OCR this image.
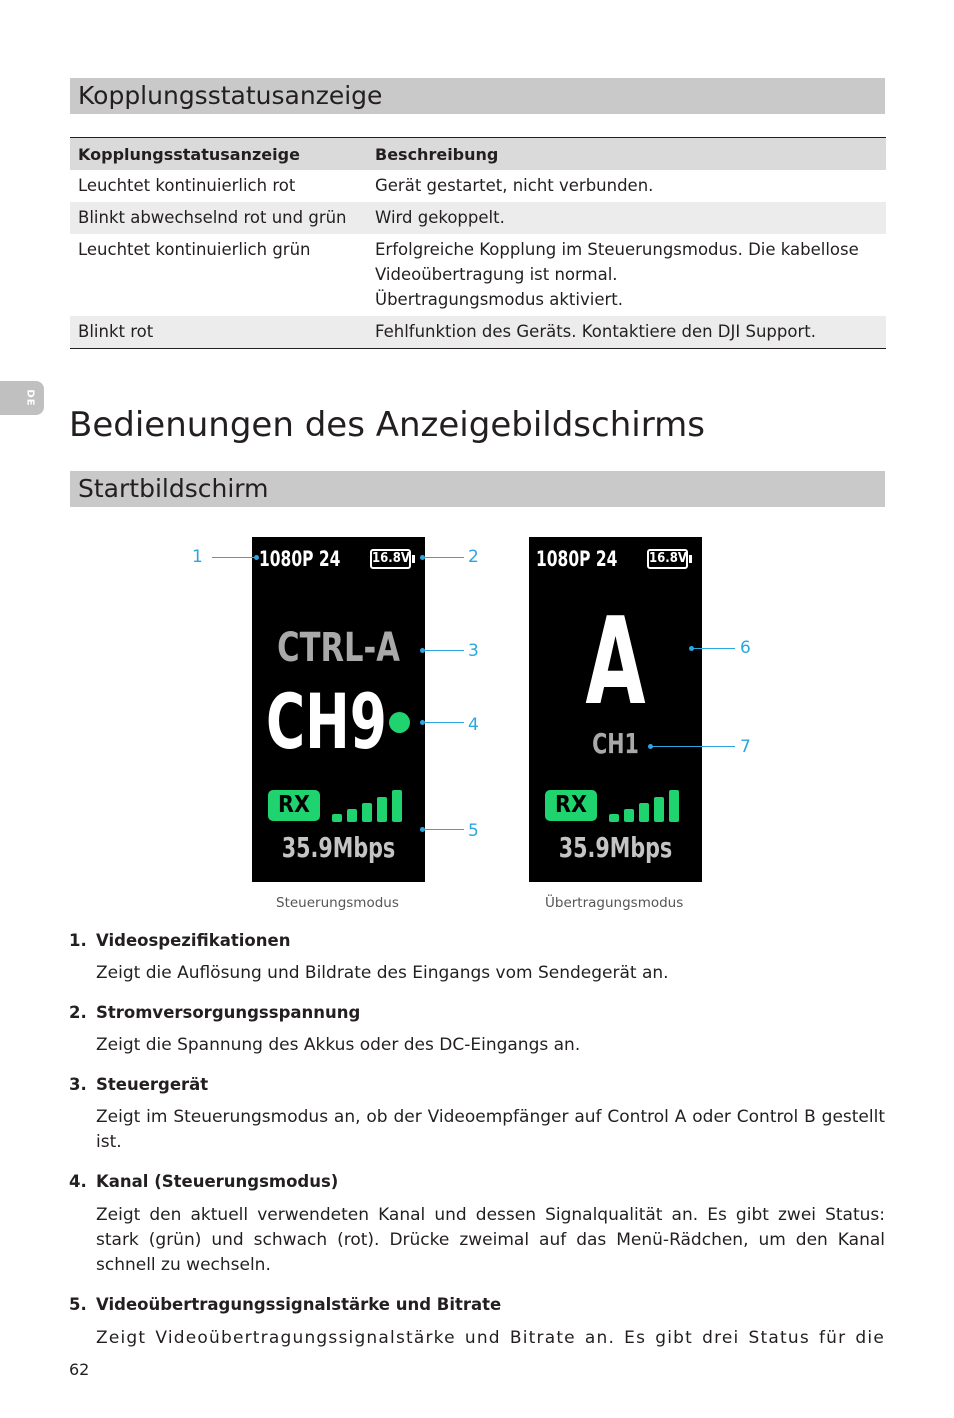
Kopplungsstatusanzeige
Kopplungsstatusanzeige	Beschreibung
Leuchtet kontinuierlich rot	Gerät gestartet, nicht verbunden.
Blinkt abwechselnd rot und grün	Wird gekoppelt.
Leuchtet kontinuierlich grün	Erfolgreiche Kopplung im Steuerungsmodus. Die kabellose Videoübertragung ist normal.
Übertragungsmodus aktiviert.

Blinkt rot	Fehlfunktion des Geräts. Kontaktiere den DJI Support.
DE
Bedienungen des Anzeigebildschirms
Startbildschirm
1080P 24 16.8V
CTRL-A
CH9
RX
35.9Mbps
1080P 24 16.8V
A
CH1
RX
35.9Mbps
1	2
3
4
5
6
7
Steuerungsmodus	Übertragungsmodus
1. Videospezifikationen
Zeigt die Auflösung und Bildrate des Eingangs vom Sendegerät an.
2. Stromversorgungsspannung
Zeigt die Spannung des Akkus oder des DC-Eingangs an.
3. Steuergerät
Zeigt im Steuerungsmodus an, ob der Videoempfänger auf Control A oder Control B gestellt ist.
4. Kanal (Steuerungsmodus)
Zeigt den aktuell verwendeten Kanal und dessen Signalqualität an. Es gibt zwei Status: stark (grün) und schwach (rot). Drücke zweimal auf das Menü-Rädchen, um den Kanal schnell zu wechseln.
5. Videoübertragungssignalstärke und Bitrate
Zeigt Videoübertragungssignalstärke und Bitrate an. Es gibt drei Status für die
62
